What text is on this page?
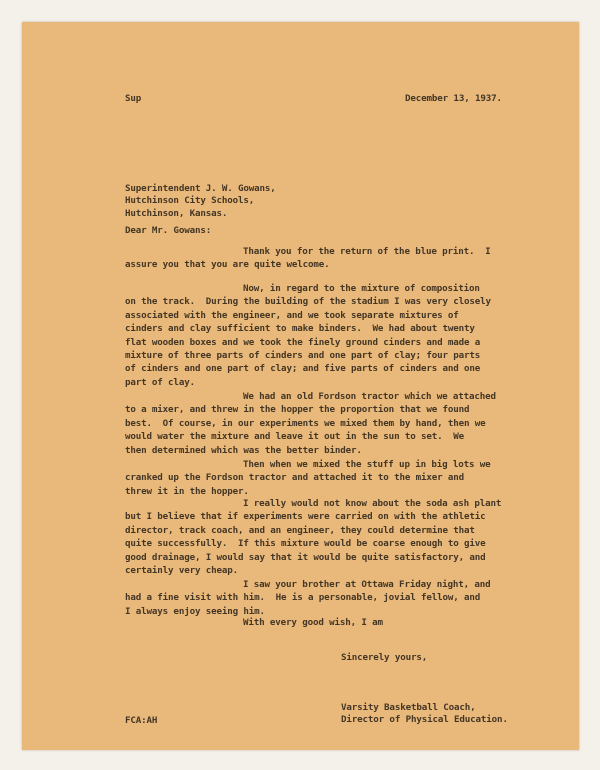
Sup	December 13, 1937.
Superintendent J. W. Gowans,
Hutchinson City Schools,
Hutchinson, Kansas.
Dear Mr. Gowans:
Thank you for the return of the blue print.  I
assure you that you are quite welcome.
Now, in regard to the mixture of composition
on the track.  During the building of the stadium I was very closely
associated with the engineer, and we took separate mixtures of
cinders and clay sufficient to make binders.  We had about twenty
flat wooden boxes and we took the finely ground cinders and made a
mixture of three parts of cinders and one part of clay; four parts
of cinders and one part of clay; and five parts of cinders and one
part of clay.
We had an old Fordson tractor which we attached
to a mixer, and threw in the hopper the proportion that we found
best.  Of course, in our experiments we mixed them by hand, then we
would water the mixture and leave it out in the sun to set.  We
then determined which was the better binder.
Then when we mixed the stuff up in big lots we
cranked up the Fordson tractor and attached it to the mixer and
threw it in the hopper.
I really would not know about the soda ash plant
but I believe that if experiments were carried on with the athletic
director, track coach, and an engineer, they could determine that
quite successfully.  If this mixture would be coarse enough to give
good drainage, I would say that it would be quite satisfactory, and
certainly very cheap.
I saw your brother at Ottawa Friday night, and
had a fine visit with him.  He is a personable, jovial fellow, and
I always enjoy seeing him.
With every good wish, I am
Sincerely yours,
Varsity Basketball Coach,
Director of Physical Education.
FCA:AH
